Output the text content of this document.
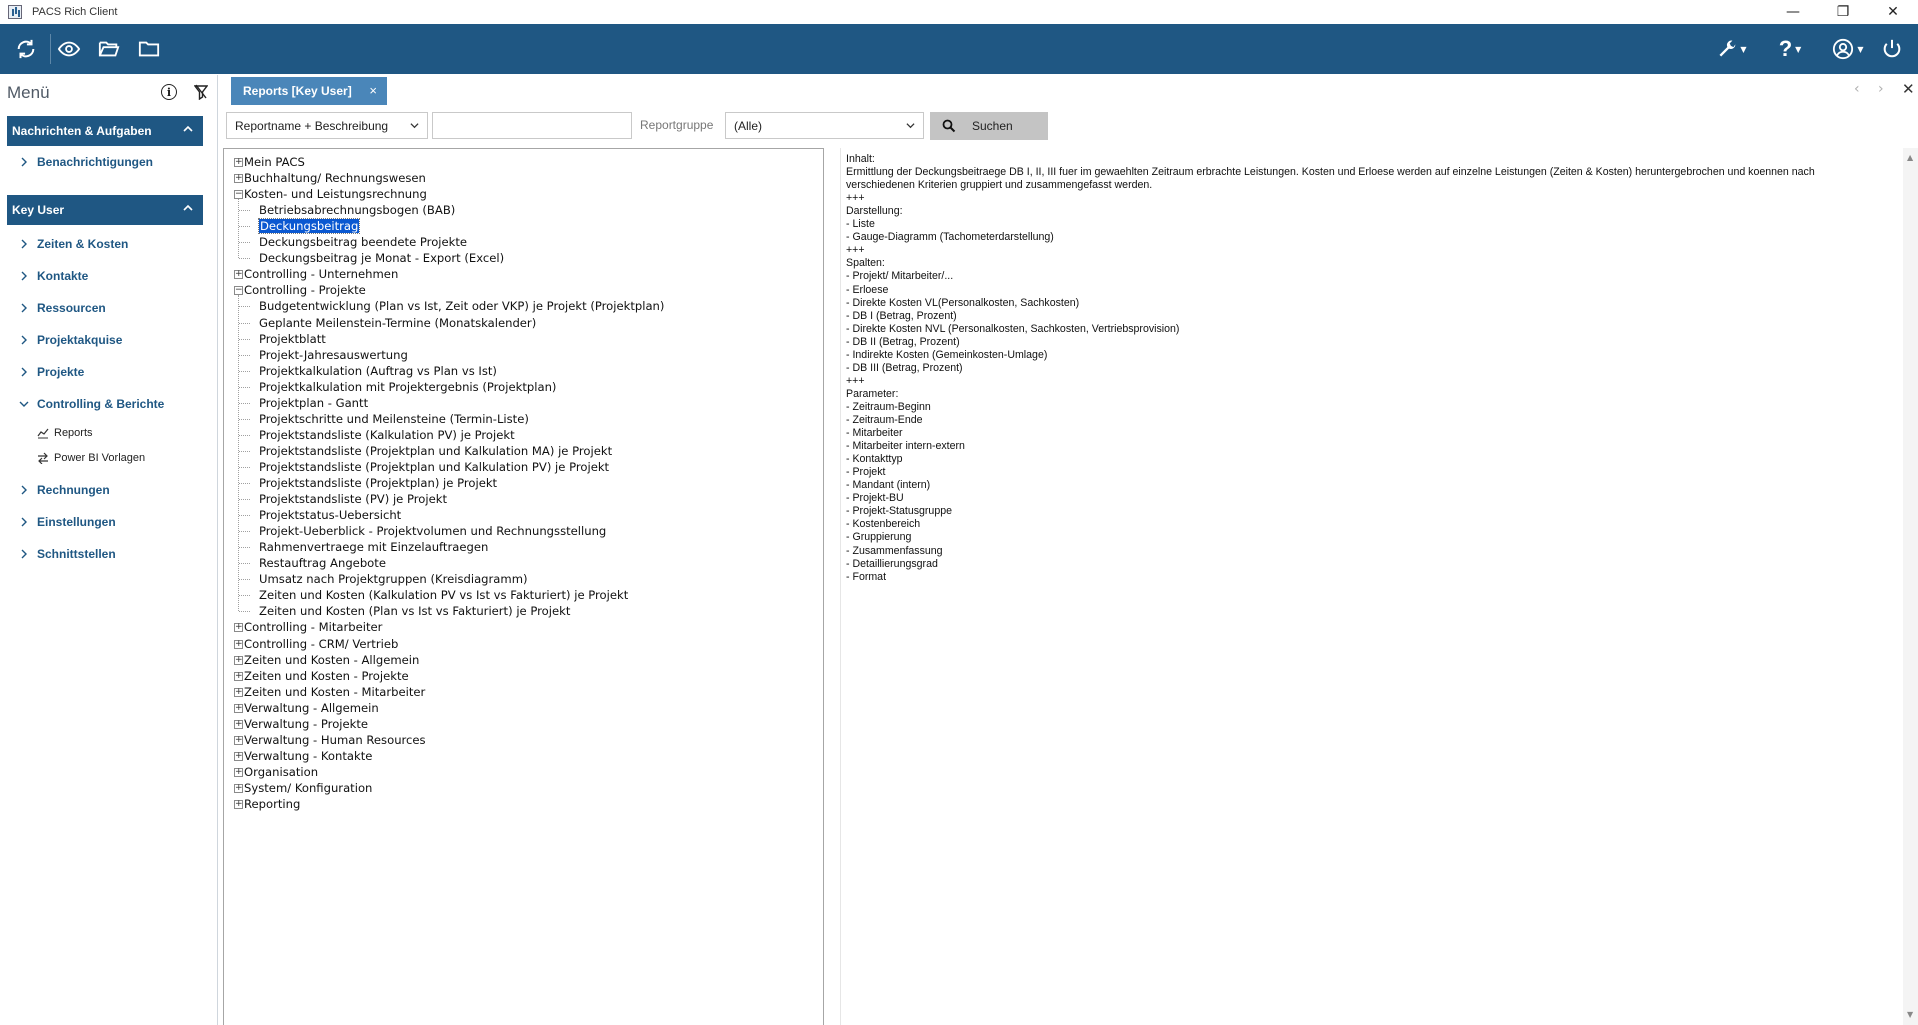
PACS Rich Client	—	❐	✕
▼ ? ▼	▼
Menü	i
Nachrichten & Aufgaben
Benachrichtigungen
Key User
Zeiten & Kosten
Kontakte
Ressourcen
Projektakquise
Projekte
Controlling & Berichte
Reports
Power BI Vorlagen
Rechnungen
Einstellungen
Schnittstellen
Reports [Key User] ×	‹ › ✕
Reportname + Beschreibung	Reportgruppe (Alle)	Suchen
+ Mein PACS
+ Buchhaltung/ Rechnungswesen
− Kosten- und Leistungsrechnung
Betriebsabrechnungsbogen (BAB)
Deckungsbeitrag
Deckungsbeitrag beendete Projekte
Deckungsbeitrag je Monat - Export (Excel)
+ Controlling - Unternehmen
− Controlling - Projekte
Budgetentwicklung (Plan vs Ist, Zeit oder VKP) je Projekt (Projektplan)
Geplante Meilenstein-Termine (Monatskalender)
Projektblatt
Projekt-Jahresauswertung
Projektkalkulation (Auftrag vs Plan vs Ist)
Projektkalkulation mit Projektergebnis (Projektplan)
Projektplan - Gantt
Projektschritte und Meilensteine (Termin-Liste)
Projektstandsliste (Kalkulation PV) je Projekt
Projektstandsliste (Projektplan und Kalkulation MA) je Projekt
Projektstandsliste (Projektplan und Kalkulation PV) je Projekt
Projektstandsliste (Projektplan) je Projekt
Projektstandsliste (PV) je Projekt
Projektstatus-Uebersicht
Projekt-Ueberblick - Projektvolumen und Rechnungsstellung
Rahmenvertraege mit Einzelauftraegen
Restauftrag Angebote
Umsatz nach Projektgruppen (Kreisdiagramm)
Zeiten und Kosten (Kalkulation PV vs Ist vs Fakturiert) je Projekt
Zeiten und Kosten (Plan vs Ist vs Fakturiert) je Projekt
+ Controlling - Mitarbeiter
+ Controlling - CRM/ Vertrieb
+ Zeiten und Kosten - Allgemein
+ Zeiten und Kosten - Projekte
+ Zeiten und Kosten - Mitarbeiter
+ Verwaltung - Allgemein
+ Verwaltung - Projekte
+ Verwaltung - Human Resources
+ Verwaltung - Kontakte
+ Organisation
+ System/ Konfiguration
+ Reporting
Inhalt:
Ermittlung der Deckungsbeitraege DB I, II, III fuer im gewaehlten Zeitraum erbrachte Leistungen. Kosten und Erloese werden auf einzelne Leistungen (Zeiten & Kosten) heruntergebrochen und koennen nach
verschiedenen Kriterien gruppiert und zusammengefasst werden.
+++
Darstellung:
- Liste
- Gauge-Diagramm (Tachometerdarstellung)
+++
Spalten:
- Projekt/ Mitarbeiter/...
- Erloese
- Direkte Kosten VL(Personalkosten, Sachkosten)
- DB I (Betrag, Prozent)
- Direkte Kosten NVL (Personalkosten, Sachkosten, Vertriebsprovision)
- DB II (Betrag, Prozent)
- Indirekte Kosten (Gemeinkosten-Umlage)
- DB III (Betrag, Prozent)
+++
Parameter:
- Zeitraum-Beginn
- Zeitraum-Ende
- Mitarbeiter
- Mitarbeiter intern-extern
- Kontakttyp
- Projekt
- Mandant (intern)
- Projekt-BU
- Projekt-Statusgruppe
- Kostenbereich
- Gruppierung
- Zusammenfassung
- Detaillierungsgrad
- Format
▲
▼
